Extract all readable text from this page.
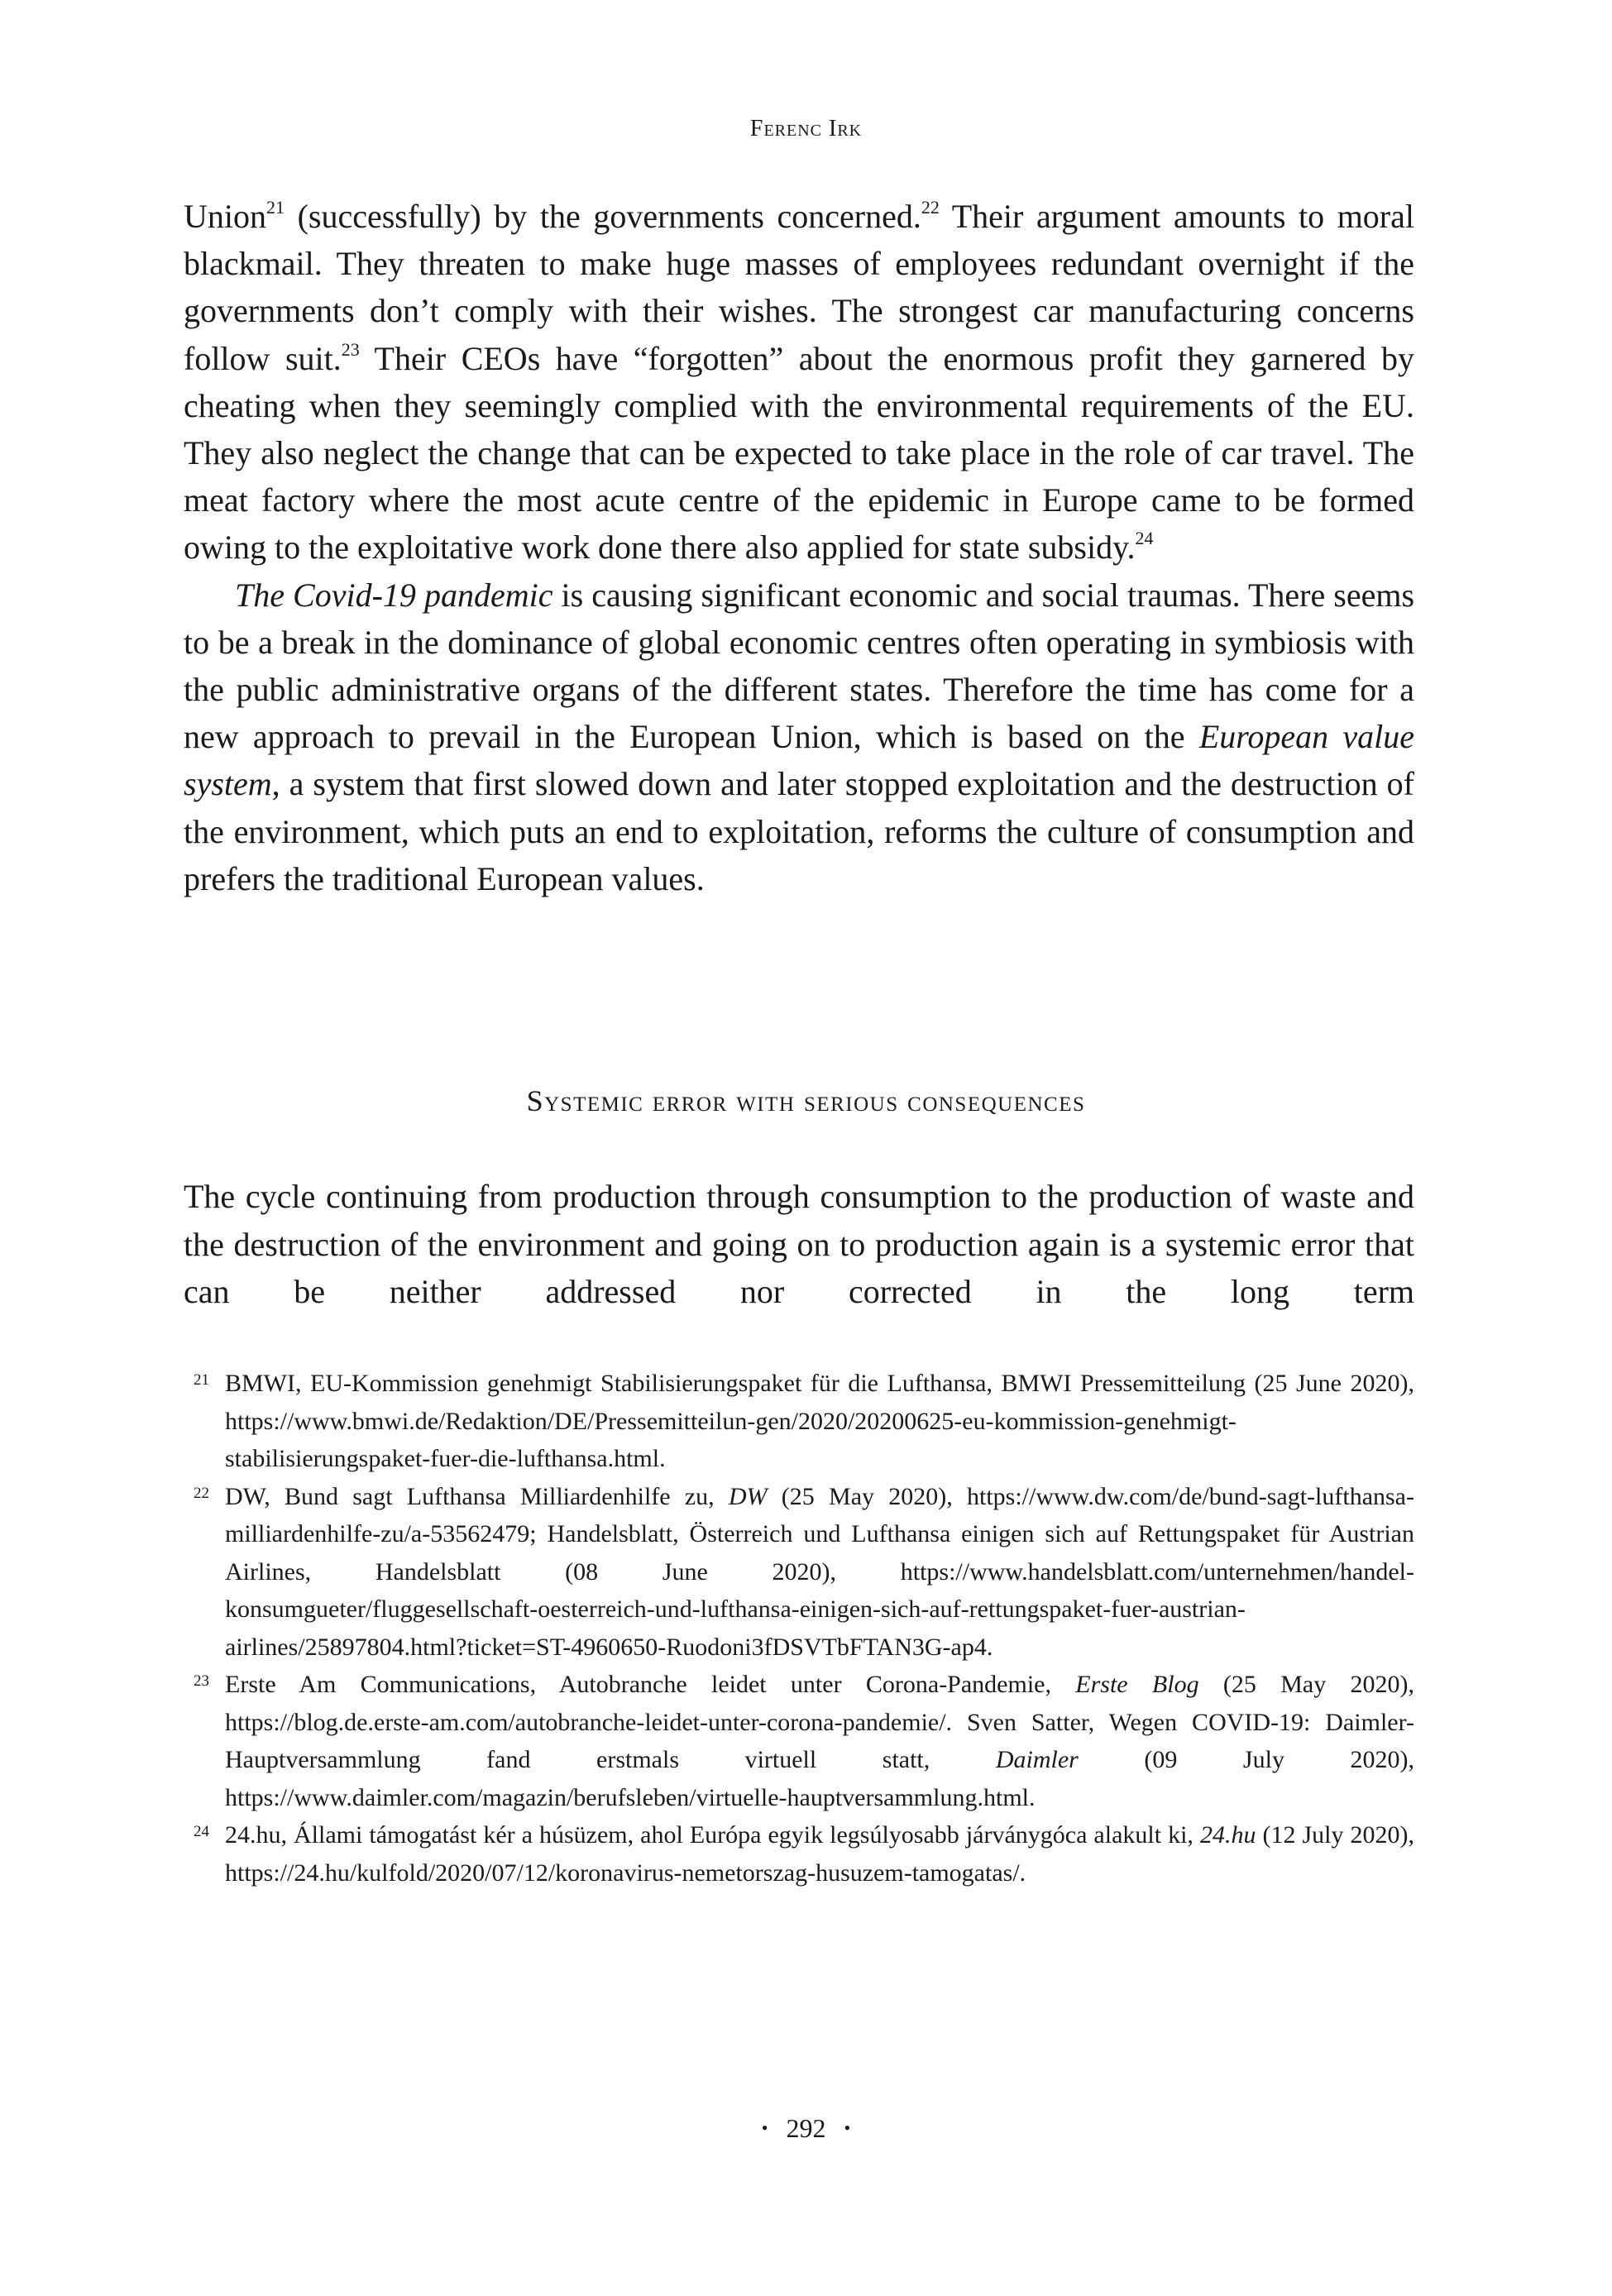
Ferenc Irk

Union$^{21}$ (successfully) by the governments concerned.$^{22}$ Their argument amounts to moral blackmail. They threaten to make huge masses of employees redundant overnight if the governments don’t comply with their wishes. The strongest car manufacturing concerns follow suit.$^{23}$ Their CEOs have “forgotten” about the enormous profit they garnered by cheating when they seemingly complied with the environmental requirements of the EU. They also neglect the change that can be expected to take place in the role of car travel. The meat factory where the most acute centre of the epidemic in Europe came to be formed owing to the exploitative work done there also applied for state subsidy.$^{24}$

The Covid-19 pandemic is causing significant economic and social traumas. There seems to be a break in the dominance of global economic centres often operating in symbiosis with the public administrative organs of the different states. Therefore the time has come for a new approach to prevail in the European Union, which is based on the European value system, a system that first slowed down and later stopped exploitation and the destruction of the environment, which puts an end to exploitation, reforms the culture of consumption and prefers the traditional European values.

Systemic error with serious consequences

The cycle continuing from production through consumption to the production of waste and the destruction of the environment and going on to production again is a systemic error that can be neither addressed nor corrected in the long term

21 BMWI, EU-Kommission genehmigt Stabilisierungspaket für die Lufthansa, BMWI Pressemitteilung (25 June 2020), https://www.bmwi.de/Redaktion/DE/Pressemitteilun-gen/2020/20200625-eu-kommission-genehmigt-stabilisierungspaket-fuer-die-lufthansa.html.
22 DW, Bund sagt Lufthansa Milliardenhilfe zu, DW (25 May 2020), https://www.dw.com/de/bund-sagt-lufthansa-milliardenhilfe-zu/a-53562479; Handelsblatt, Österreich und Lufthansa einigen sich auf Rettungspaket für Austrian Airlines, Handelsblatt (08 June 2020), https://www.handelsblatt.com/unternehmen/handel-konsumgueter/fluggesellschaft-oesterreich-und-lufthansa-einigen-sich-auf-rettungspaket-fuer-austrian-airlines/25897804.html?ticket=ST-4960650-Ruodoni3fDSVTbFTAN3G-ap4.
23 Erste Am Communications, Autobranche leidet unter Corona-Pandemie, Erste Blog (25 May 2020), https://blog.de.erste-am.com/autobranche-leidet-unter-corona-pandemie/. Sven Satter, Wegen COVID-19: Daimler-Hauptversammlung fand erstmals virtuell statt, Daimler (09 July 2020), https://www.daimler.com/magazin/berufsleben/virtuelle-hauptversammlung.html.
24 24.hu, Állami támogatást kér a húsüzem, ahol Európa egyik legsúlyosabb járványgóca alakult ki, 24.hu (12 July 2020), https://24.hu/kulfold/2020/07/12/koronavirus-nemetorszag-husuzem-tamogatas/.
• 292 •
